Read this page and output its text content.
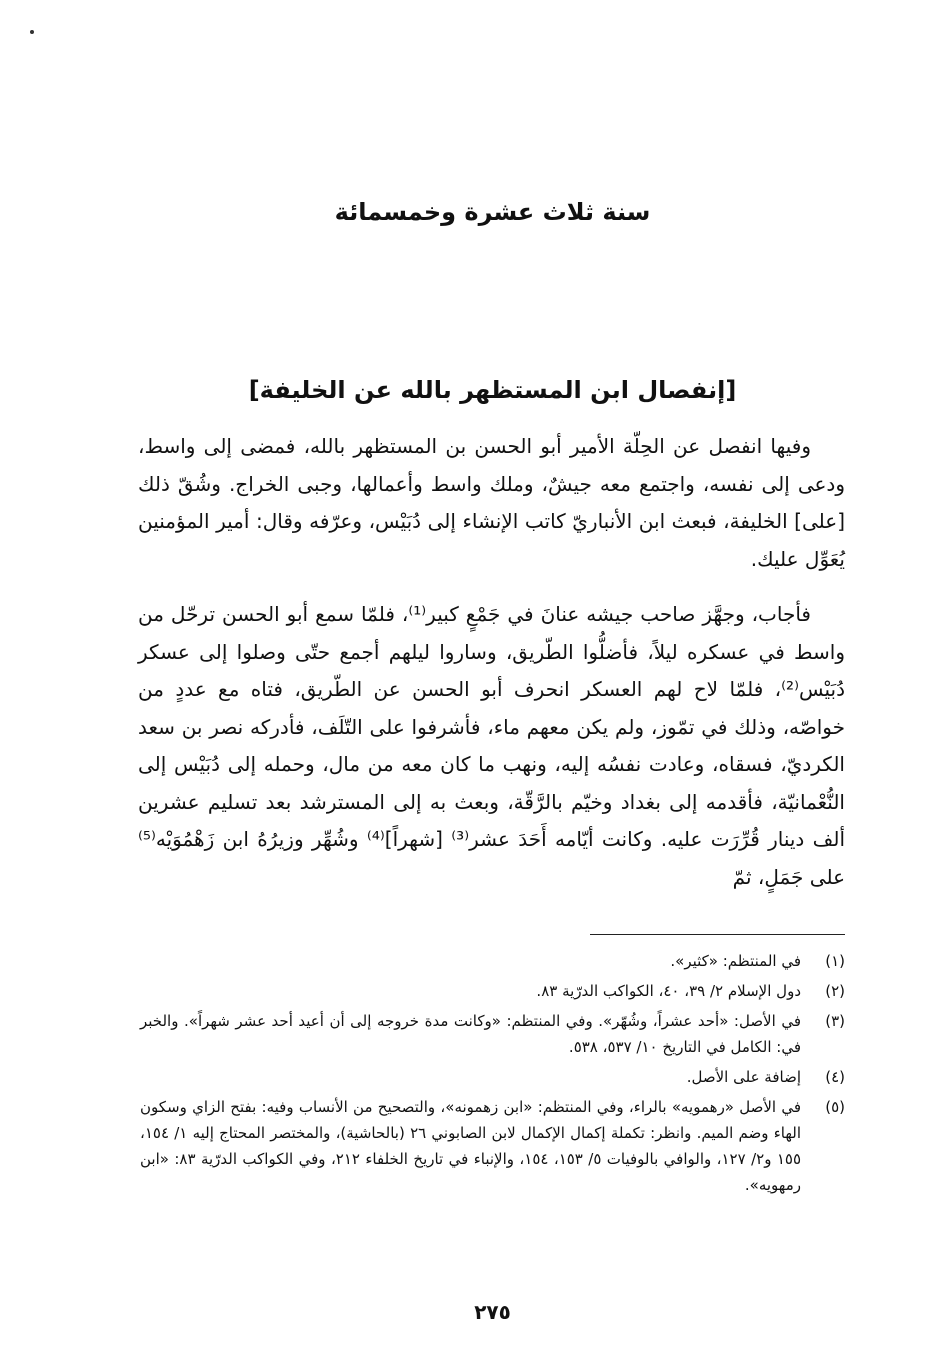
سنة ثلاث عشرة وخمسمائة
[إنفصال ابن المستظهر بالله عن الخليفة]

وفيها انفصل عن الحِلّة الأمير أبو الحسن بن المستظهر بالله، فمضى إلى واسط، ودعى إلى نفسه، واجتمع معه جيشٌ، وملك واسط وأعمالها، وجبى الخراج. وشُقّ ذلك [على] الخليفة، فبعث ابن الأنباريّ كاتب الإنشاء إلى دُبَيْس، وعرّفه وقال: أمير المؤمنين يُعَوِّل عليك.

فأجاب، وجهَّز صاحب جيشه عنانَ في جَمْعٍ كبير⁽¹⁾، فلمّا سمع أبو الحسن ترحّل من واسط في عسكره ليلاً، فأضلُّوا الطّريق، وساروا ليلهم أجمع حتّى وصلوا إلى عسكر دُبَيْس⁽²⁾، فلمّا لاح لهم العسكر انحرف أبو الحسن عن الطّريق، فتاه مع عددٍ من خواصّه، وذلك في تمّوز، ولم يكن معهم ماء، فأشرفوا على التّلَف، فأدركه نصر بن سعد الكرديّ، فسقاه، وعادت نفسُه إليه، ونهب ما كان معه من مال، وحمله إلى دُبَيْس إلى النُّعْمانيّة، فأقدمه إلى بغداد وخيّم بالرَّقّة، وبعث به إلى المسترشد بعد تسليم عشرين ألف دينار قُرِّرَت عليه. وكانت أيّامه أَحَدَ عشر⁽³⁾ [شهراً]⁽⁴⁾ وشُهِّر وزيرُهُ ابن زَهْمُوَيْه⁽⁵⁾ على جَمَلٍ، ثمّ

(١)
في المنتظم: «كثير».
(٢)
دول الإسلام ٢/ ٣٩، ٤٠، الكواكب الدرّية ٨٣.
(٣)
في الأصل: «أحد عشراً، وشُهّر». وفي المنتظم: «وكانت مدة خروجه إلى أن أعيد أحد عشر شهراً». والخبر في: الكامل في التاريخ ١٠/ ٥٣٧، ٥٣٨.
(٤)
إضافة على الأصل.
(٥)
في الأصل «رهمويه» بالراء، وفي المنتظم: «ابن زهمونه»، والتصحيح من الأنساب وفيه: بفتح الزاي وسكون الهاء وضم الميم. وانظر: تكملة إكمال الإكمال لابن الصابوني ٢٦ (بالحاشية)، والمختصر المحتاج إليه ١/ ١٥٤، ١٥٥ و٢/ ١٢٧، والوافي بالوفيات ٥/ ١٥٣، ١٥٤، والإنباء في تاريخ الخلفاء ٢١٢، وفي الكواكب الدرّية ٨٣: «ابن رمهويه».
٢٧٥
